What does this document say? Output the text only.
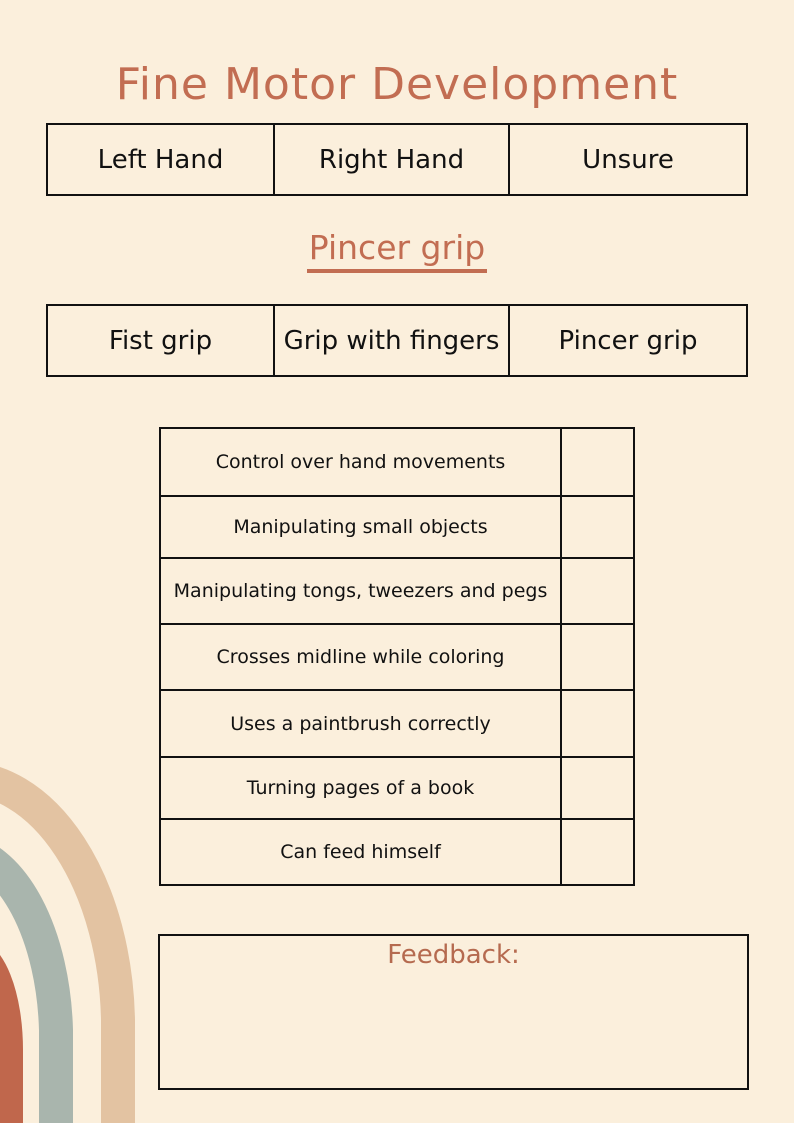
Fine Motor Development
Left Hand	Right Hand	Unsure
Pincer grip
Fist grip	Grip with fingers	Pincer grip
Control over hand movements
Manipulating small objects
Manipulating tongs, tweezers and pegs
Crosses midline while coloring
Uses a paintbrush correctly
Turning pages of a book
Can feed himself
Feedback:
